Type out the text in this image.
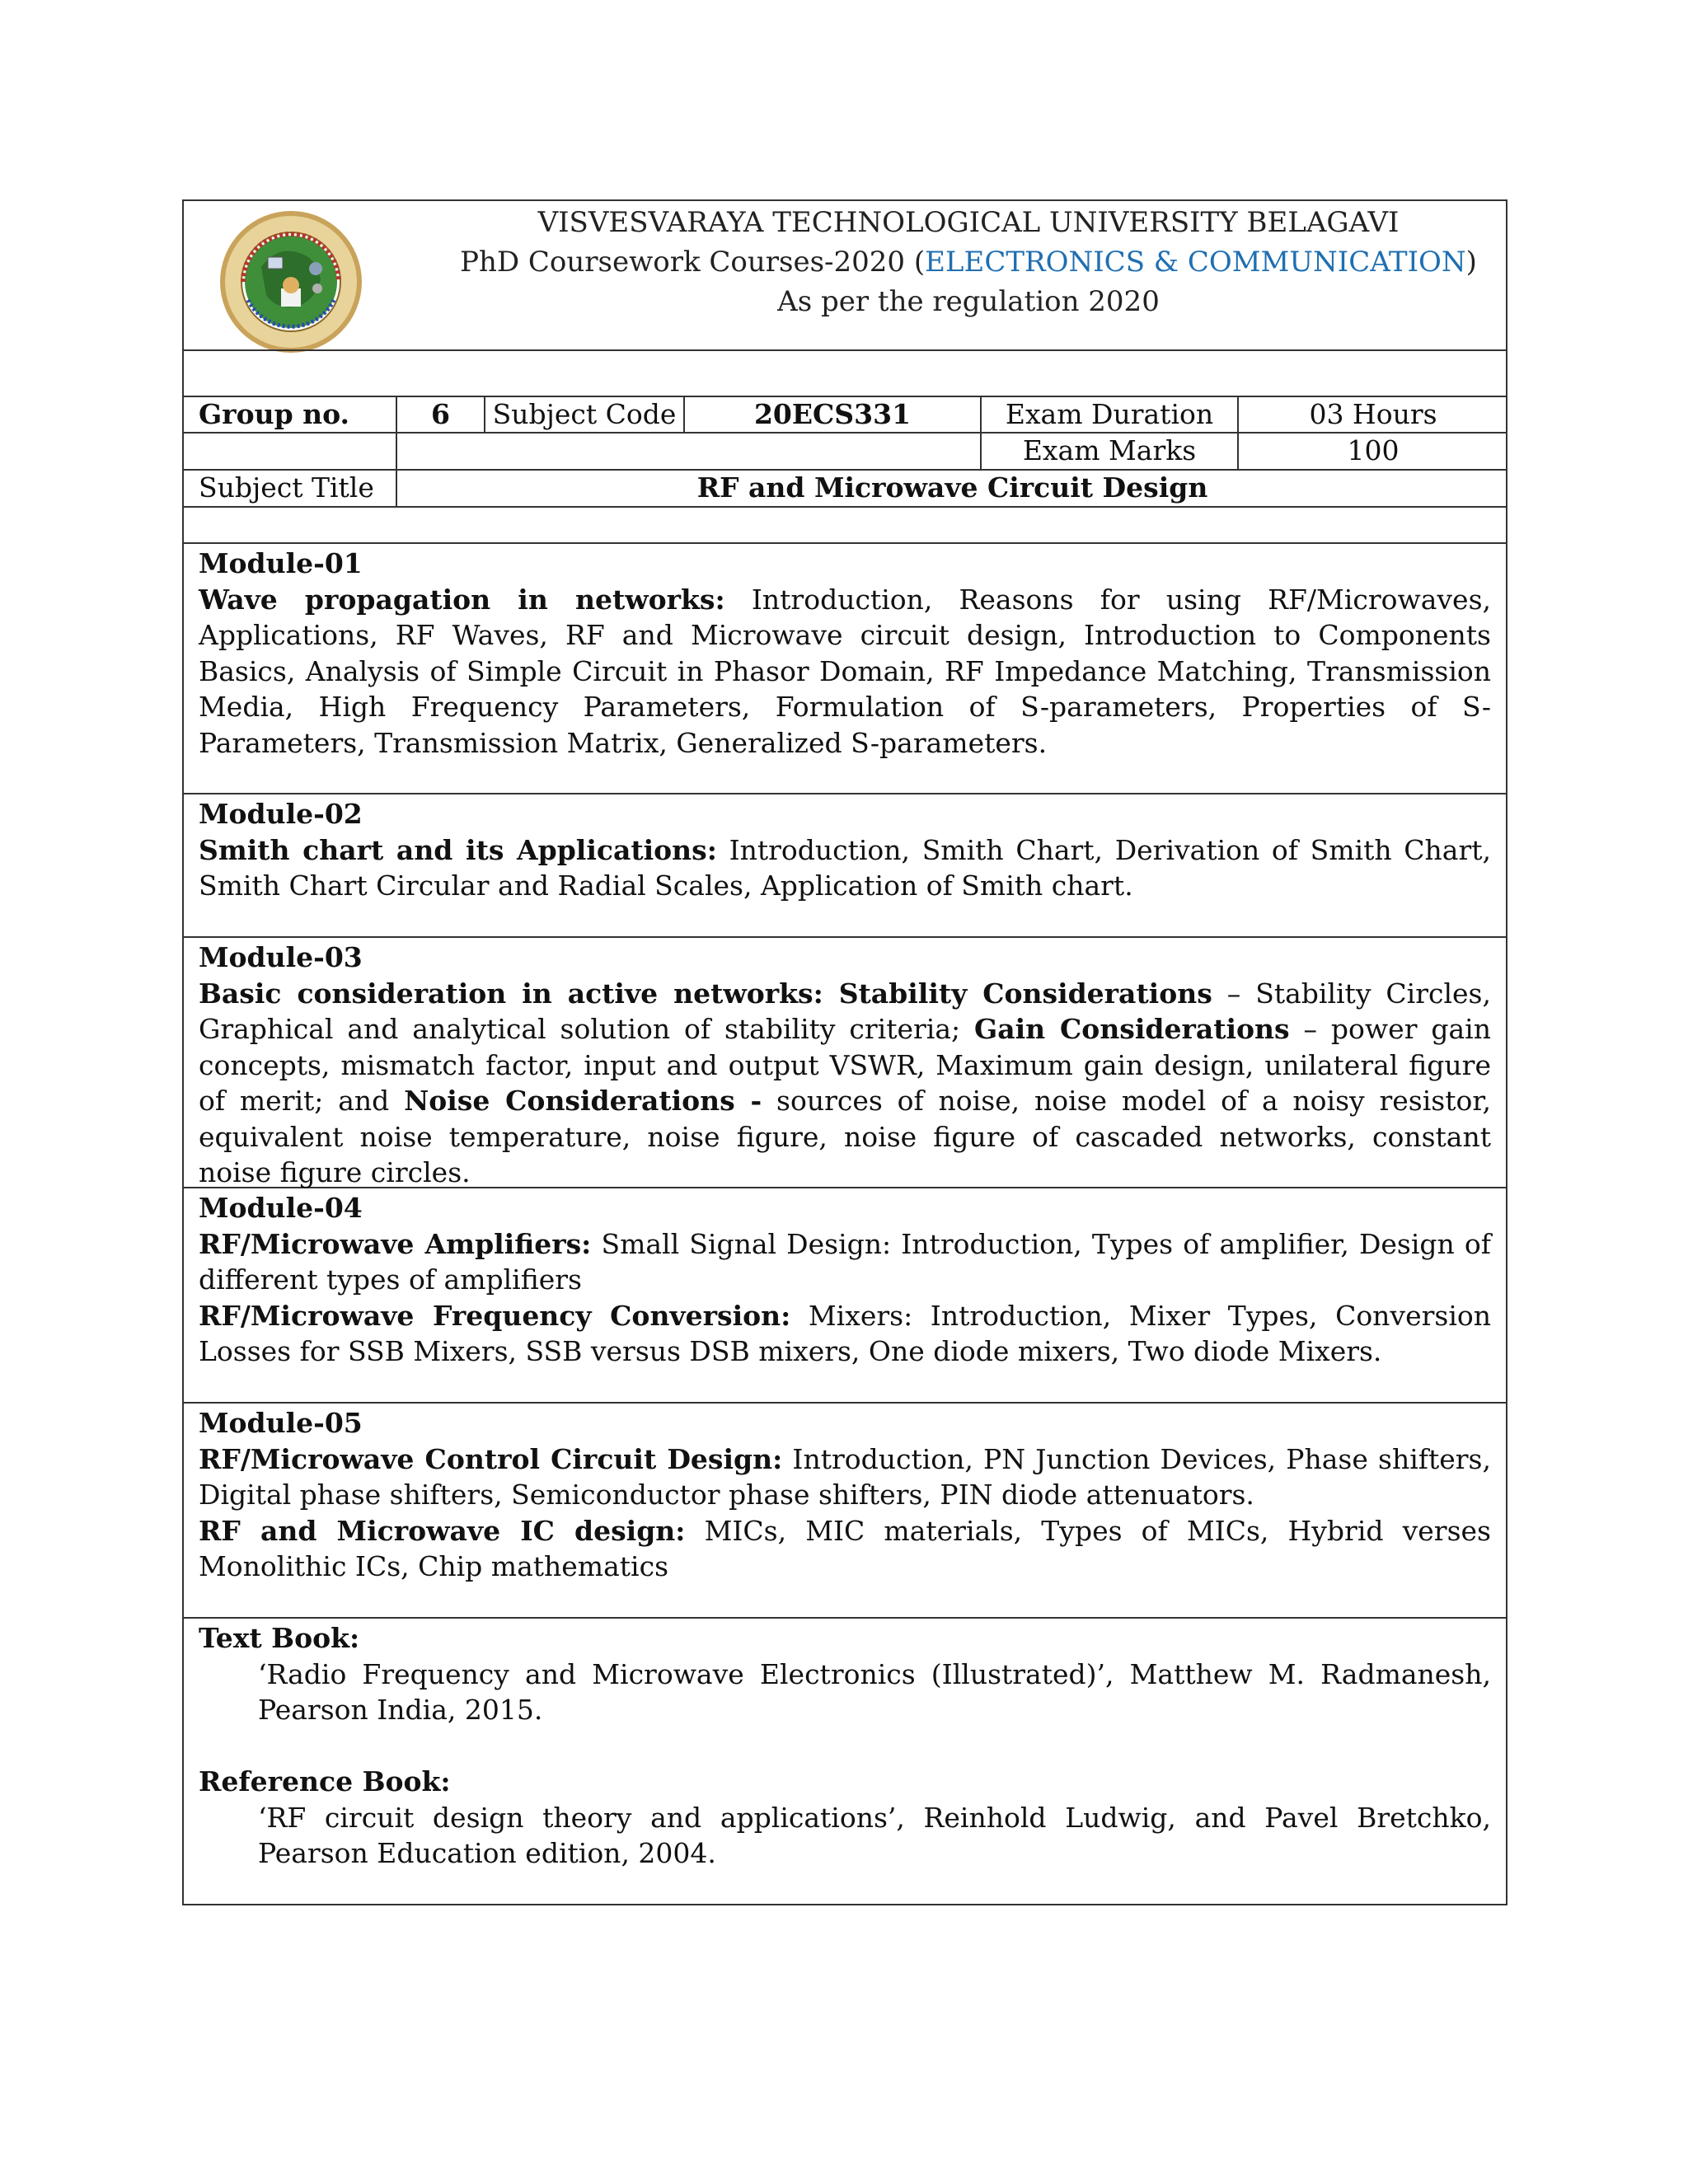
VISVESVARAYA TECHNOLOGICAL UNIVERSITY BELAGAVI
PhD Coursework Courses-2020 (ELECTRONICS & COMMUNICATION)
As per the regulation 2020
Group no.	6	Subject Code	20ECS331	Exam Duration	03 Hours
Exam Marks	100
Subject Title	RF and Microwave Circuit Design

Module-01

Wave propagation in networks: Introduction, Reasons for using RF/Microwaves, Applications, RF Waves, RF and Microwave circuit design, Introduction to Components Basics, Analysis of Simple Circuit in Phasor Domain, RF Impedance Matching, Transmission Media, High Frequency Parameters, Formulation of S-parameters, Properties of S-Parameters, Transmission Matrix, Generalized S-parameters.

Module-02

Smith chart and its Applications: Introduction, Smith Chart, Derivation of Smith Chart, Smith Chart Circular and Radial Scales, Application of Smith chart.

Module-03

Basic consideration in active networks: Stability Considerations – Stability Circles, Graphical and analytical solution of stability criteria; Gain Considerations – power gain concepts, mismatch factor, input and output VSWR, Maximum gain design, unilateral figure of merit; and Noise Considerations - sources of noise, noise model of a noisy resistor, equivalent noise temperature, noise figure, noise figure of cascaded networks, constant noise figure circles.

Module-04

RF/Microwave Amplifiers: Small Signal Design: Introduction, Types of amplifier, Design of different types of amplifiers

RF/Microwave Frequency Conversion: Mixers: Introduction, Mixer Types, Conversion Losses for SSB Mixers, SSB versus DSB mixers, One diode mixers, Two diode Mixers.

Module-05

RF/Microwave Control Circuit Design: Introduction, PN Junction Devices, Phase shifters, Digital phase shifters, Semiconductor phase shifters, PIN diode attenuators.

RF and Microwave IC design: MICs, MIC materials, Types of MICs, Hybrid verses Monolithic ICs, Chip mathematics

Text Book:

‘Radio Frequency and Microwave Electronics (Illustrated)’, Matthew M. Radmanesh, Pearson India, 2015.

Reference Book:

‘RF circuit design theory and applications’, Reinhold Ludwig, and Pavel Bretchko, Pearson Education edition, 2004.
